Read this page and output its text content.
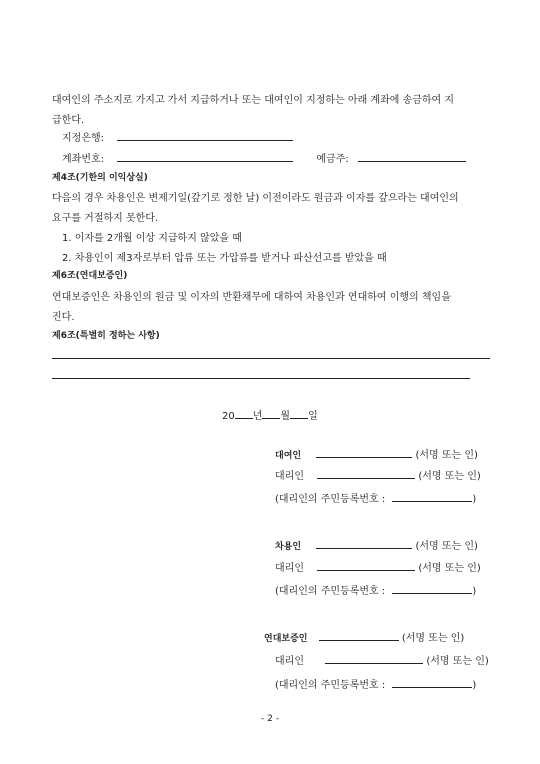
대여인의 주소지로 가지고 가서 지급하거나 또는 대여인이 지정하는 아래 계좌에 송금하여 지
급한다.
지정은행:
계좌번호:	예금주:
제4조(기한의 이익상실)
다음의 경우 차용인은 변제기일(갚기로 정한 날) 이전이라도 원금과 이자를 갚으라는 대여인의
요구를 거절하지 못한다.
1. 이자를 2개월 이상 지급하지 않았을 때
2. 차용인이 제3자로부터 압류 또는 가압류를 받거나 파산선고를 받았을 때
제6조(연대보증인)
연대보증인은 차용인의 원금 및 이자의 반환채무에 대하여 차용인과 연대하여 이행의 책임을
진다.
제6조(특별히 정하는 사항)
20 년 월 일
대여인	(서명 또는 인)
대리인	(서명 또는 인)
(대리인의 주민등록번호 :	)
차용인	(서명 또는 인)
대리인	(서명 또는 인)
(대리인의 주민등록번호 :	)
연대보증인	(서명 또는 인)
대리인	(서명 또는 인)
(대리인의 주민등록번호 :	)
- 2 -
